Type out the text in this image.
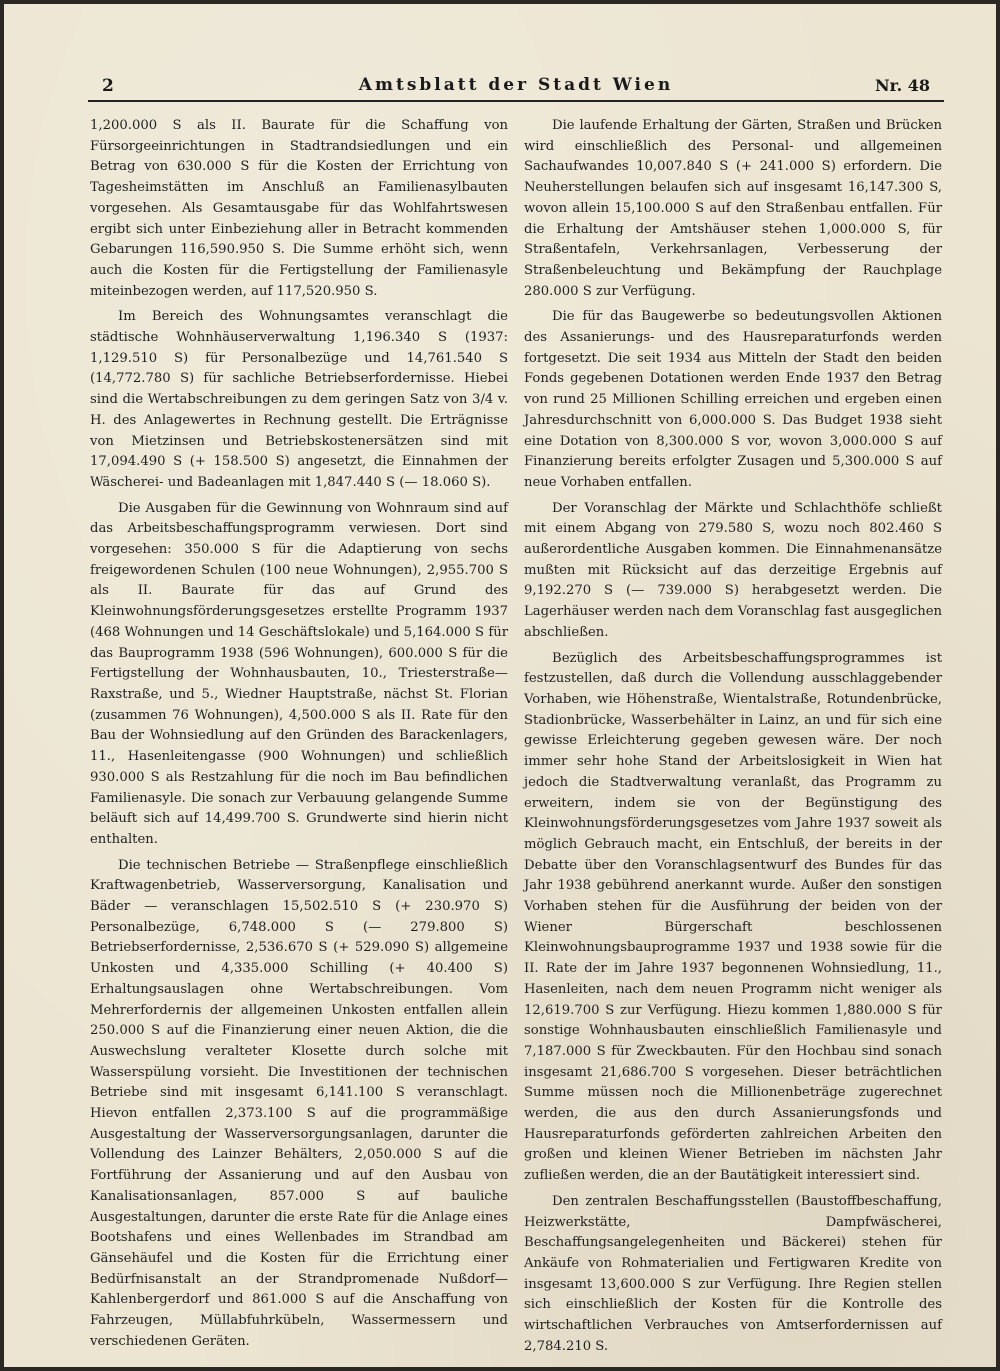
2	Amtsblatt der Stadt Wien	Nr. 48

1,200.000 S als II. Baurate für die Schaffung von Fürsorgeeinrichtungen in Stadtrandsiedlungen und ein Betrag von 630.000 S für die Kosten der Errichtung von Tagesheimstätten im Anschluß an Familienasylbauten vorgesehen. Als Gesamtausgabe für das Wohlfahrtswesen ergibt sich unter Einbeziehung aller in Betracht kommenden Gebarungen 116,590.950 S. Die Summe erhöht sich, wenn auch die Kosten für die Fertigstellung der Familienasyle miteinbezogen werden, auf 117,520.950 S.

Im Bereich des Wohnungsamtes veranschlagt die städtische Wohnhäuserverwaltung 1,196.340 S (1937: 1,129.510 S) für Personalbezüge und 14,761.540 S (14,772.780 S) für sachliche Betriebserfordernisse. Hiebei sind die Wertabschreibungen zu dem geringen Satz von 3/4 v. H. des Anlagewertes in Rechnung gestellt. Die Erträgnisse von Mietzinsen und Betriebskostenersätzen sind mit 17,094.490 S (+ 158.500 S) angesetzt, die Einnahmen der Wäscherei- und Badeanlagen mit 1,847.440 S (— 18.060 S).

Die Ausgaben für die Gewinnung von Wohnraum sind auf das Arbeitsbeschaffungsprogramm verwiesen. Dort sind vorgesehen: 350.000 S für die Adaptierung von sechs freigewordenen Schulen (100 neue Wohnungen), 2,955.700 S als II. Baurate für das auf Grund des Kleinwohnungsförderungsgesetzes erstellte Programm 1937 (468 Wohnungen und 14 Geschäftslokale) und 5,164.000 S für das Bauprogramm 1938 (596 Wohnungen), 600.000 S für die Fertigstellung der Wohnhausbauten, 10., Triesterstraße—Raxstraße, und 5., Wiedner Hauptstraße, nächst St. Florian (zusammen 76 Wohnungen), 4,500.000 S als II. Rate für den Bau der Wohnsiedlung auf den Gründen des Barackenlagers, 11., Hasenleitengasse (900 Wohnungen) und schließlich 930.000 S als Restzahlung für die noch im Bau befindlichen Familienasyle. Die sonach zur Verbauung gelangende Summe beläuft sich auf 14,499.700 S. Grundwerte sind hierin nicht enthalten.

Die technischen Betriebe — Straßenpflege einschließlich Kraftwagenbetrieb, Wasserversorgung, Kanalisation und Bäder — veranschlagen 15,502.510 S (+ 230.970 S) Personalbezüge, 6,748.000 S (— 279.800 S) Betriebserfordernisse, 2,536.670 S (+ 529.090 S) allgemeine Unkosten und 4,335.000 Schilling (+ 40.400 S) Erhaltungsauslagen ohne Wertabschreibungen. Vom Mehrerfordernis der allgemeinen Unkosten entfallen allein 250.000 S auf die Finanzierung einer neuen Aktion, die die Auswechslung veralteter Klosette durch solche mit Wasserspülung vorsieht. Die Investitionen der technischen Betriebe sind mit insgesamt 6,141.100 S veranschlagt. Hievon entfallen 2,373.100 S auf die programmäßige Ausgestaltung der Wasserversorgungsanlagen, darunter die Vollendung des Lainzer Behälters, 2,050.000 S auf die Fortführung der Assanierung und auf den Ausbau von Kanalisationsanlagen, 857.000 S auf bauliche Ausgestaltungen, darunter die erste Rate für die Anlage eines Bootshafens und eines Wellenbades im Strandbad am Gänsehäufel und die Kosten für die Errichtung einer Bedürfnisanstalt an der Strandpromenade Nußdorf—Kahlenbergerdorf und 861.000 S auf die Anschaffung von Fahrzeugen, Müllabfuhrkübeln, Wassermessern und verschiedenen Geräten.

Die laufende Erhaltung der Gärten, Straßen und Brücken wird einschließlich des Personal- und allgemeinen Sachaufwandes 10,007.840 S (+ 241.000 S) erfordern. Die Neuherstellungen belaufen sich auf insgesamt 16,147.300 S, wovon allein 15,100.000 S auf den Straßenbau entfallen. Für die Erhaltung der Amtshäuser stehen 1,000.000 S, für Straßentafeln, Verkehrsanlagen, Verbesserung der Straßenbeleuchtung und Bekämpfung der Rauchplage 280.000 S zur Verfügung.

Die für das Baugewerbe so bedeutungsvollen Aktionen des Assanierungs- und des Hausreparaturfonds werden fortgesetzt. Die seit 1934 aus Mitteln der Stadt den beiden Fonds gegebenen Dotationen werden Ende 1937 den Betrag von rund 25 Millionen Schilling erreichen und ergeben einen Jahresdurchschnitt von 6,000.000 S. Das Budget 1938 sieht eine Dotation von 8,300.000 S vor, wovon 3,000.000 S auf Finanzierung bereits erfolgter Zusagen und 5,300.000 S auf neue Vorhaben entfallen.

Der Voranschlag der Märkte und Schlachthöfe schließt mit einem Abgang von 279.580 S, wozu noch 802.460 S außerordentliche Ausgaben kommen. Die Einnahmenansätze mußten mit Rücksicht auf das derzeitige Ergebnis auf 9,192.270 S (— 739.000 S) herabgesetzt werden. Die Lagerhäuser werden nach dem Voranschlag fast ausgeglichen abschließen.

Bezüglich des Arbeitsbeschaffungsprogrammes ist festzustellen, daß durch die Vollendung ausschlaggebender Vorhaben, wie Höhenstraße, Wientalstraße, Rotundenbrücke, Stadionbrücke, Wasserbehälter in Lainz, an und für sich eine gewisse Erleichterung gegeben gewesen wäre. Der noch immer sehr hohe Stand der Arbeitslosigkeit in Wien hat jedoch die Stadtverwaltung veranlaßt, das Programm zu erweitern, indem sie von der Begünstigung des Kleinwohnungsförderungsgesetzes vom Jahre 1937 soweit als möglich Gebrauch macht, ein Entschluß, der bereits in der Debatte über den Voranschlagsentwurf des Bundes für das Jahr 1938 gebührend anerkannt wurde. Außer den sonstigen Vorhaben stehen für die Ausführung der beiden von der Wiener Bürgerschaft beschlossenen Kleinwohnungsbauprogramme 1937 und 1938 sowie für die II. Rate der im Jahre 1937 begonnenen Wohnsiedlung, 11., Hasenleiten, nach dem neuen Programm nicht weniger als 12,619.700 S zur Verfügung. Hiezu kommen 1,880.000 S für sonstige Wohnhausbauten einschließlich Familienasyle und 7,187.000 S für Zweckbauten. Für den Hochbau sind sonach insgesamt 21,686.700 S vorgesehen. Dieser beträchtlichen Summe müssen noch die Millionenbeträge zugerechnet werden, die aus den durch Assanierungsfonds und Hausreparaturfonds geförderten zahlreichen Arbeiten den großen und kleinen Wiener Betrieben im nächsten Jahr zufließen werden, die an der Bautätigkeit interessiert sind.

Den zentralen Beschaffungsstellen (Baustoffbeschaffung, Heizwerkstätte, Dampfwäscherei, Beschaffungsangelegenheiten und Bäckerei) stehen für Ankäufe von Rohmaterialien und Fertigwaren Kredite von insgesamt 13,600.000 S zur Verfügung. Ihre Regien stellen sich einschließlich der Kosten für die Kontrolle des wirtschaftlichen Verbrauches von Amtserfordernissen auf 2,784.210 S.
